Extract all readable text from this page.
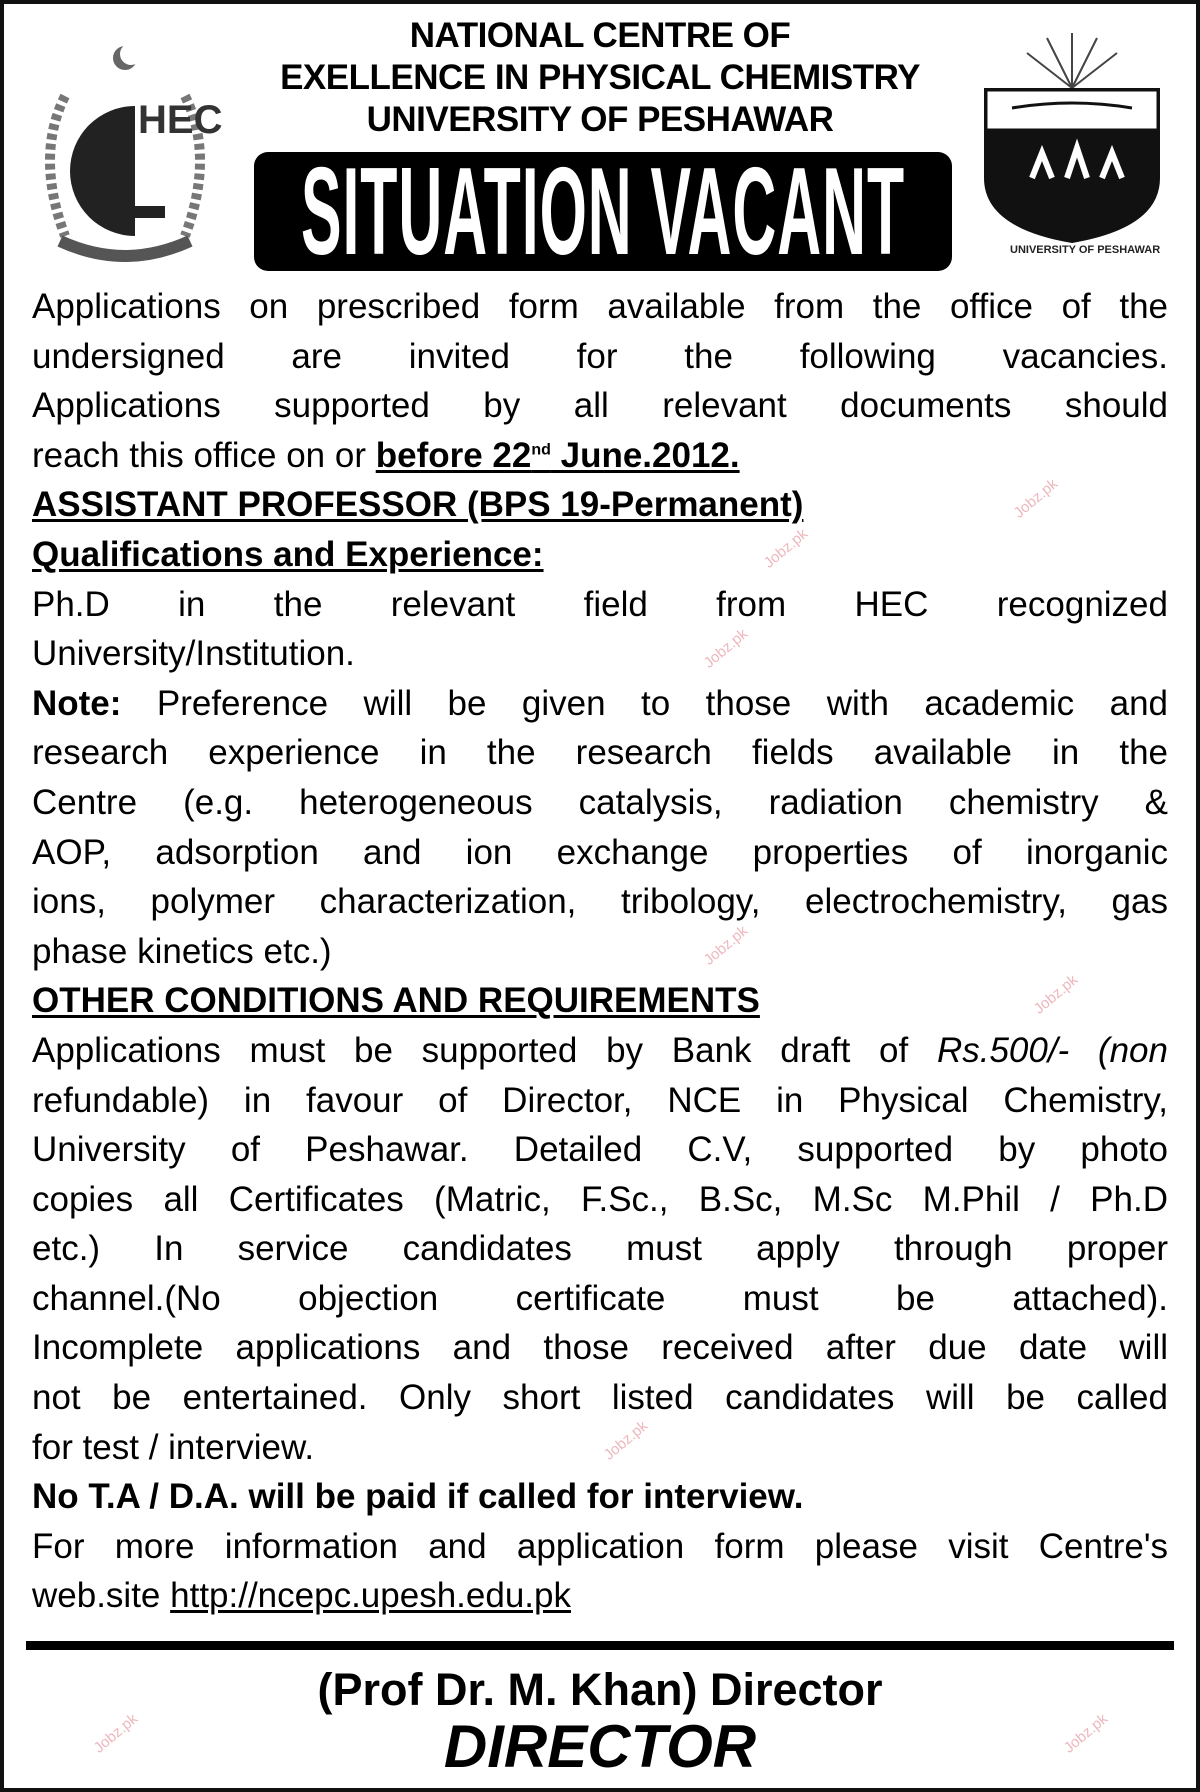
HEC
UNIVERSITY OF PESHAWAR
NATIONAL CENTRE OF
EXELLENCE IN PHYSICAL CHEMISTRY
UNIVERSITY OF PESHAWAR
SITUATION VACANT
Applications on prescribed form available from the office of the
undersigned are invited for the following vacancies.
Applications supported by all relevant documents should
reach this office on or before 22nd June.2012.
ASSISTANT PROFESSOR (BPS 19-Permanent)
Qualifications and Experience:
Ph.D in the relevant field from HEC recognized
University/Institution.
Note: Preference will be given to those with academic and
research experience in the research fields available in the
Centre (e.g. heterogeneous catalysis, radiation chemistry &
AOP, adsorption and ion exchange properties of inorganic
ions, polymer characterization, tribology, electrochemistry, gas
phase kinetics etc.)
OTHER CONDITIONS AND REQUIREMENTS
Applications must be supported by Bank draft of Rs.500/- (non
refundable) in favour of Director, NCE in Physical Chemistry,
University of Peshawar. Detailed C.V, supported by photo
copies all Certificates (Matric, F.Sc., B.Sc, M.Sc M.Phil / Ph.D
etc.) In service candidates must apply through proper
channel.(No objection certificate must be attached).
Incomplete applications and those received after due date will
not be entertained. Only short listed candidates will be called
for test / interview.
No T.A / D.A. will be paid if called for interview.
For more information and application form please visit Centre's
web.site http://ncepc.upesh.edu.pk
(Prof Dr. M. Khan) Director
DIRECTOR
Jobz.pk
Jobz.pk
Jobz.pk
Jobz.pk
Jobz.pk
Jobz.pk
Jobz.pk	Jobz.pk
